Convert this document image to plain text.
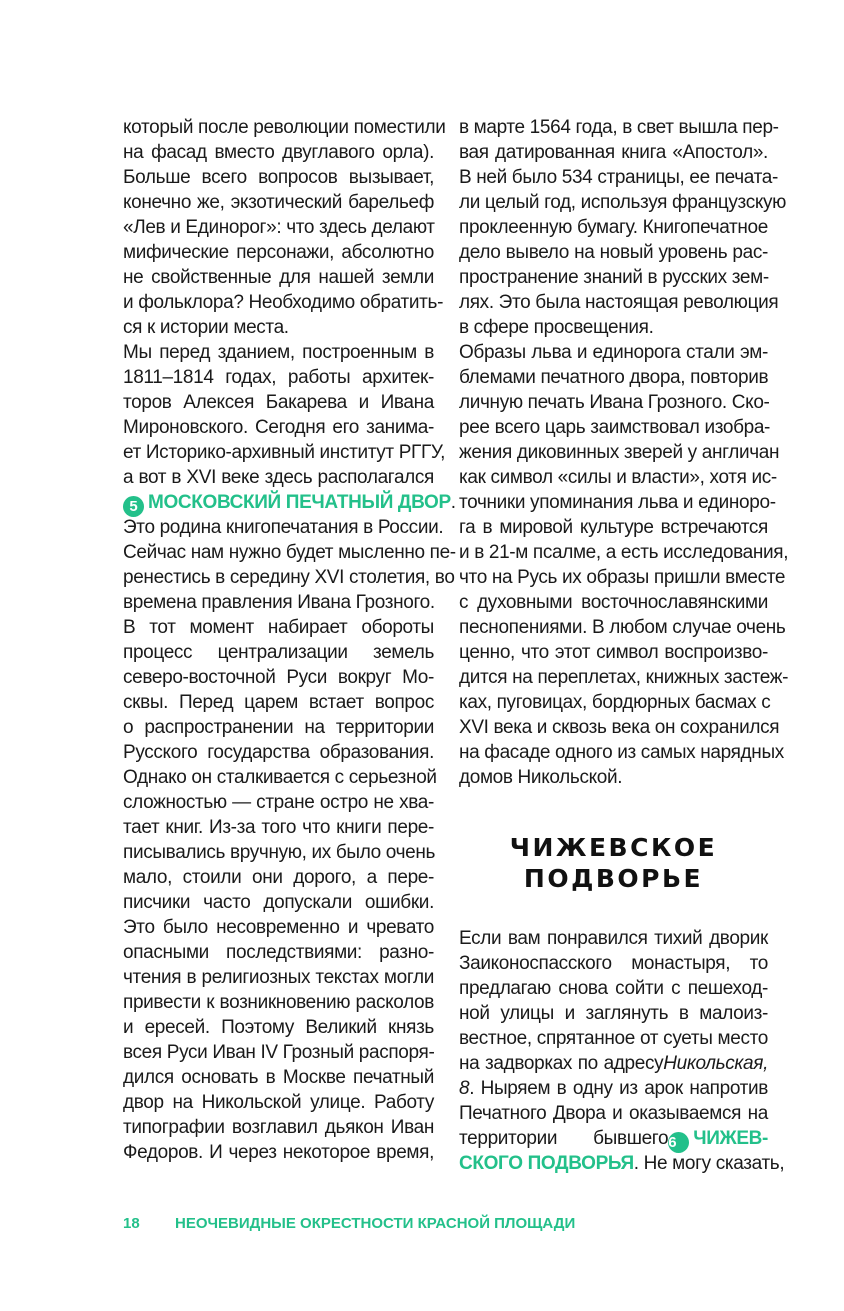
который после революции поместили
на фасад вместо двуглавого орла).
Больше всего вопросов вызывает,
конечно же, экзотический барельеф
«Лев и Единорог»: что здесь делают
мифические персонажи, абсолютно
не свойственные для нашей земли
и фольклора? Необходимо обратить-
ся к истории места.
Мы перед зданием, построенным в
1811–1814 годах, работы архитек-
торов Алексея Бакарева и Ивана
Мироновского. Сегодня его занима-
ет Историко-архивный институт РГГУ,
а вот в XVI веке здесь располагался
5 МОСКОВСКИЙ ПЕЧАТНЫЙ ДВОР.
Это родина книгопечатания в России.
Сейчас нам нужно будет мысленно пе-
ренестись в середину XVI столетия, во
времена правления Ивана Грозного.
В тот момент набирает обороты
процесс централизации земель
северо-восточной Руси вокруг Мо-
сквы. Перед царем встает вопрос
о распространении на территории
Русского государства образования.
Однако он сталкивается с серьезной
сложностью — стране остро не хва-
тает книг. Из-за того что книги пере-
писывались вручную, их было очень
мало, стоили они дорого, а пере-
писчики часто допускали ошибки.
Это было несовременно и чревато
опасными последствиями: разно-
чтения в религиозных текстах могли
привести к возникновению расколов
и ересей. Поэтому Великий князь
всея Руси Иван IV Грозный распоря-
дился основать в Москве печатный
двор на Никольской улице. Работу
типографии возглавил дьякон Иван
Федоров. И через некоторое время,
в марте 1564 года, в свет вышла пер-
вая датированная книга «Апостол».
В ней было 534 страницы, ее печата-
ли целый год, используя французскую
проклеенную бумагу. Книгопечатное
дело вывело на новый уровень рас-
пространение знаний в русских зем-
лях. Это была настоящая революция
в сфере просвещения.
Образы льва и единорога стали эм-
блемами печатного двора, повторив
личную печать Ивана Грозного. Ско-
рее всего царь заимствовал изобра-
жения диковинных зверей у англичан
как символ «силы и власти», хотя ис-
точники упоминания льва и единоро-
га в мировой культуре встречаются
и в 21-м псалме, а есть исследования,
что на Русь их образы пришли вместе
с духовными восточнославянскими
песнопениями. В любом случае очень
ценно, что этот символ воспроизво-
дится на переплетах, книжных застеж-
ках, пуговицах, бордюрных басмах с
XVI века и сквозь века он сохранился
на фасаде одного из самых нарядных
домов Никольской.
Если вам понравился тихий дворик
Заиконоспасского монастыря, то
предлагаю снова сойти с пешеход-
ной улицы и заглянуть в малоиз-
вестное, спрятанное от суеты место
на задворках по адресуНикольская,
8. Ныряем в одну из арок напротив
Печатного Двора и оказываемся на
территории бывшего6 ЧИЖЕВ-
СКОГО ПОДВОРЬЯ. Не могу сказать,
ЧИЖЕВСКОЕ
ПОДВОРЬЕ
18 НЕОЧЕВИДНЫЕ ОКРЕСТНОСТИ КРАСНОЙ ПЛОЩАДИ
